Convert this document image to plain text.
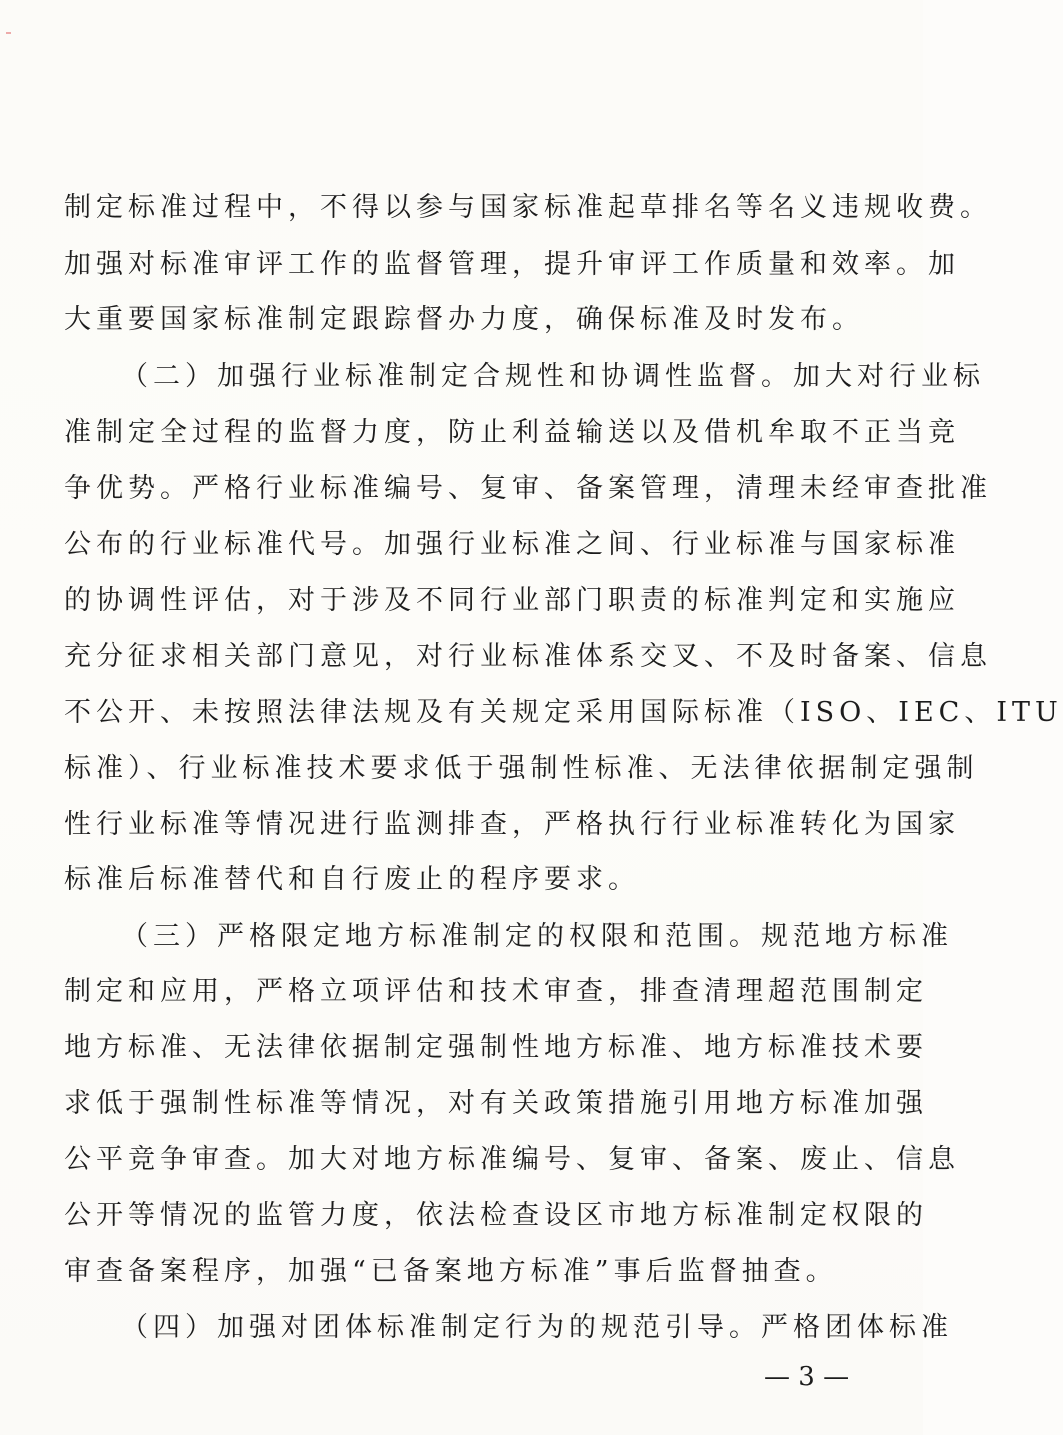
制定标准过程中，不得以参与国家标准起草排名等名义违规收费。
加强对标准审评工作的监督管理，提升审评工作质量和效率。加
大重要国家标准制定跟踪督办力度，确保标准及时发布。
（二）加强行业标准制定合规性和协调性监督。加大对行业标
准制定全过程的监督力度，防止利益输送以及借机牟取不正当竞
争优势。严格行业标准编号、复审、备案管理，清理未经审查批准
公布的行业标准代号。加强行业标准之间、行业标准与国家标准
的协调性评估，对于涉及不同行业部门职责的标准判定和实施应
充分征求相关部门意见，对行业标准体系交叉、不及时备案、信息
不公开、未按照法律法规及有关规定采用国际标准（ISO、IEC、ITU
标准）、行业标准技术要求低于强制性标准、无法律依据制定强制
性行业标准等情况进行监测排查，严格执行行业标准转化为国家
标准后标准替代和自行废止的程序要求。
（三）严格限定地方标准制定的权限和范围。规范地方标准
制定和应用，严格立项评估和技术审查，排查清理超范围制定
地方标准、无法律依据制定强制性地方标准、地方标准技术要
求低于强制性标准等情况，对有关政策措施引用地方标准加强
公平竞争审查。加大对地方标准编号、复审、备案、废止、信息
公开等情况的监管力度，依法检查设区市地方标准制定权限的
审查备案程序，加强“已备案地方标准”事后监督抽查。
（四）加强对团体标准制定行为的规范引导。严格团体标准
— 3 —
